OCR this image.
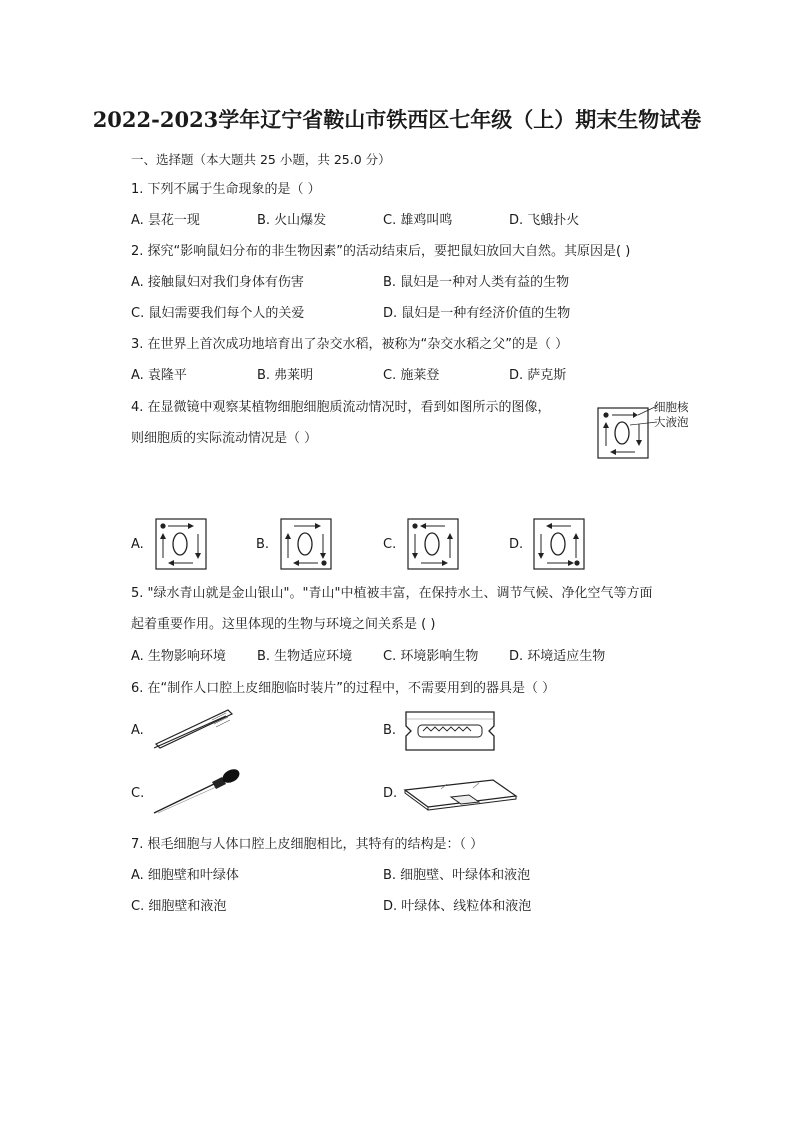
2022-2023学年辽宁省鞍山市铁西区七年级（上）期末生物试卷
一、选择题（本大题共 25 小题，共 25.0 分）
1. 下列不属于生命现象的是（ ）
A. 昙花一现	B. 火山爆发	C. 雄鸡叫鸣	D. 飞蛾扑火
2. 探究“影响鼠妇分布的非生物因素”的活动结束后，要把鼠妇放回大自然。其原因是( )
A. 接触鼠妇对我们身体有伤害	B. 鼠妇是一种对人类有益的生物
C. 鼠妇需要我们每个人的关爱	D. 鼠妇是一种有经济价值的生物
3. 在世界上首次成功地培育出了杂交水稻，被称为“杂交水稻之父”的是（ ）
A. 袁隆平	B. 弗莱明	C. 施莱登	D. 萨克斯
4. 在显微镜中观察某植物细胞细胞质流动情况时，看到如图所示的图像，
则细胞质的实际流动情况是（ ）
细胞核
大液泡
A.	B.	C.	D.
5. "绿水青山就是金山银山"。"青山"中植被丰富，在保持水土、调节气候、净化空气等方面
起着重要作用。这里体现的生物与环境之间关系是 ( )
A. 生物影响环境 B. 生物适应环境 C. 环境影响生物 D. 环境适应生物
6. 在“制作人口腔上皮细胞临时装片”的过程中，不需要用到的器具是（ ）
A.	B.
C.	D.
7. 根毛细胞与人体口腔上皮细胞相比，其特有的结构是：（ ）
A. 细胞壁和叶绿体	B. 细胞壁、叶绿体和液泡
C. 细胞壁和液泡	D. 叶绿体、线粒体和液泡
